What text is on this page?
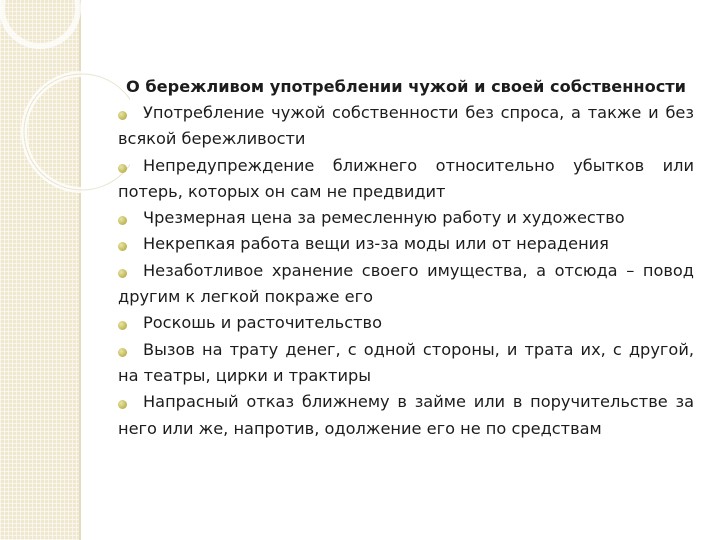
О бережливом употреблении чужой и своей собственности

Употребление чужой собственности без спроса, а также и без всякой бережливости
Непредупреждение ближнего относительно убытков или потерь, которых он сам не предвидит
Чрезмерная цена за ремесленную работу и художество
Некрепкая работа вещи из-за моды или от нерадения
Незаботливое хранение своего имущества, а отсюда – повод другим к легкой покраже его
Роскошь и расточительство
Вызов на трату денег, с одной стороны, и трата их, с другой, на театры, цирки и трактиры
Напрасный отказ ближнему в займе или в поручительстве за него или же, напротив, одолжение его не по средствам
